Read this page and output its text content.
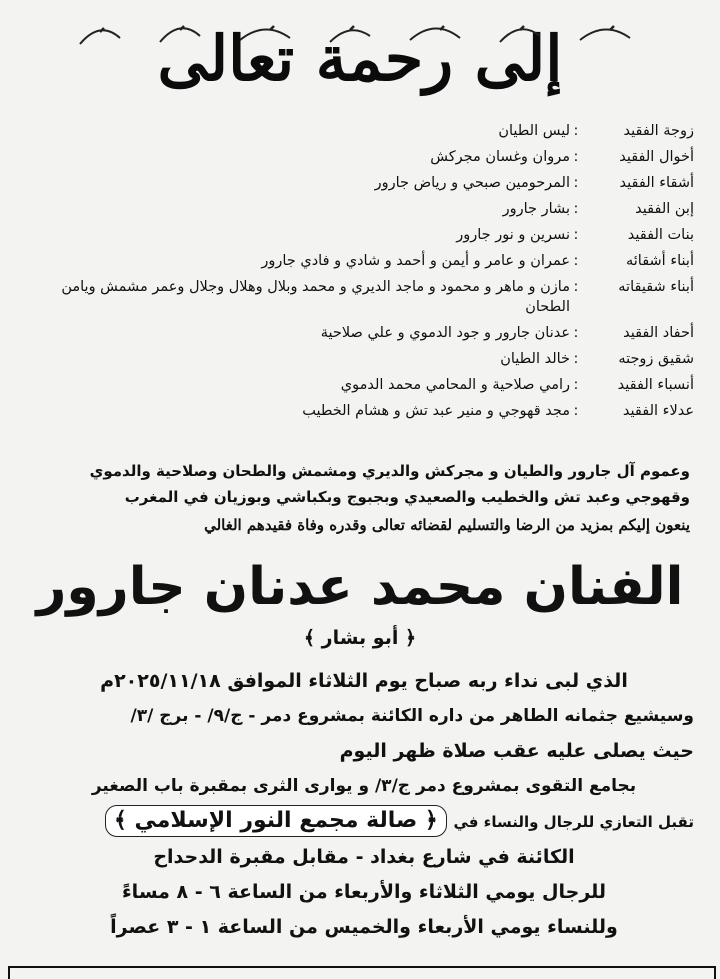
إلى رحمة تعالى
زوجة الفقيد
:
ليس الطيان
أخوال الفقيد
:
مروان وغسان مجركش
أشقاء الفقيد
:
المرحومين صبحي و رياض جارور
إبن الفقيد
:
بشار جارور
بنات الفقيد
:
نسرين و نور جارور
أبناء أشقائه
:
عمران و عامر و أيمن و أحمد و شادي و فادي جارور
أبناء شقيقاته
:
مازن و ماهر و محمود و ماجد الديري و محمد وبلال وهلال وجلال وعمر مشمش ويامن الطحان
أحفاد الفقيد
:
عدنان جارور و جود الدموي و علي صلاحية
شقيق زوجته
:
خالد الطيان
أنسباء الفقيد
:
رامي صلاحية و المحامي محمد الدموي
عدلاء الفقيد
:
مجد قهوجي و منير عبد تش و هشام الخطيب
وعموم آل جارور والطيان و مجركش والديري ومشمش والطحان وصلاحية والدموي
وقهوجي وعبد تش والخطيب والصعيدي وبجبوج وبكباشي وبوزيان في المغرب
ينعون إليكم بمزيد من الرضا والتسليم لقضائه تعالى وقدره وفاة فقيدهم الغالي
الفنان محمد عدنان جارور
﴿ أبو بشار ﴾
الذي لبى نداء ربه صباح يوم الثلاثاء الموافق ٢٠٢٥/١١/١٨م
وسيشيع جثمانه الطاهر من داره الكائنة بمشروع دمر - ج/٩/ - برج /٣/
حيث يصلى عليه عقب صلاة ظهر اليوم
بجامع التقوى بمشروع دمر ج/٣/ و يوارى الثرى بمقبرة باب الصغير
تقبل التعازي للرجال والنساء في ﴿ صالة مجمع النور الإسلامي ﴾
الكائنة في شارع بغداد - مقابل مقبرة الدحداح
للرجال يومي الثلاثاء والأربعاء من الساعة ٦ - ٨ مساءً
وللنساء يومي الأربعاء والخميس من الساعة ١ - ٣ عصراً
